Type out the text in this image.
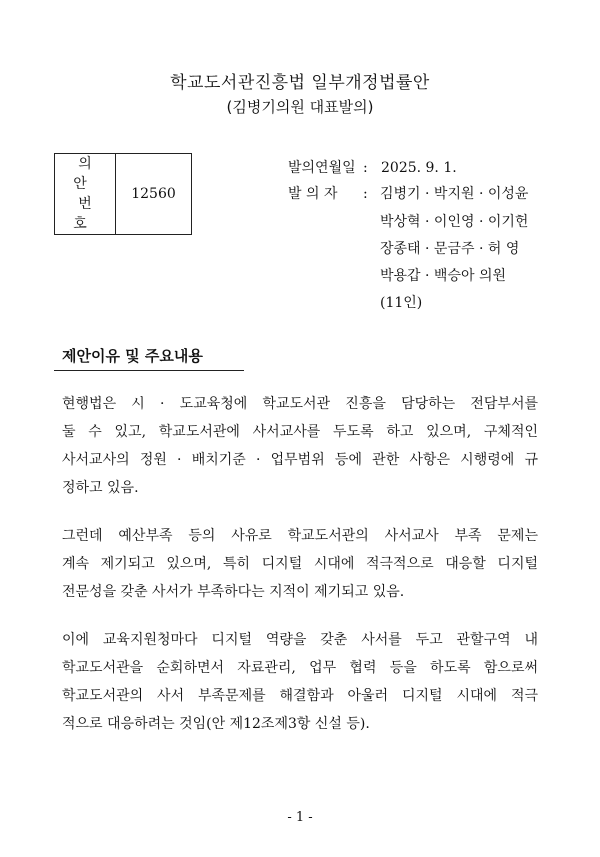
학교도서관진흥법 일부개정법률안
(김병기의원 대표발의)
의 안
번 호
	12560
발의연월일 : 2025. 9. 1.
발 의 자 : 김병기 · 박지원 · 이성윤
박상혁 · 이인영 · 이기헌
장종태 · 문금주 · 허 영
박용갑 · 백승아 의원
(11인)
제안이유 및 주요내용
현행법은 시 · 도교육청에 학교도서관 진흥을 담당하는 전담부서를
둘 수 있고, 학교도서관에 사서교사를 두도록 하고 있으며, 구체적인
사서교사의 정원 · 배치기준 · 업무범위 등에 관한 사항은 시행령에 규
정하고 있음.
그런데 예산부족 등의 사유로 학교도서관의 사서교사 부족 문제는
계속 제기되고 있으며, 특히 디지털 시대에 적극적으로 대응할 디지털
전문성을 갖춘 사서가 부족하다는 지적이 제기되고 있음.
이에 교육지원청마다 디지털 역량을 갖춘 사서를 두고 관할구역 내
학교도서관을 순회하면서 자료관리, 업무 협력 등을 하도록 함으로써
학교도서관의 사서 부족문제를 해결함과 아울러 디지털 시대에 적극
적으로 대응하려는 것임(안 제12조제3항 신설 등).
- 1 -
